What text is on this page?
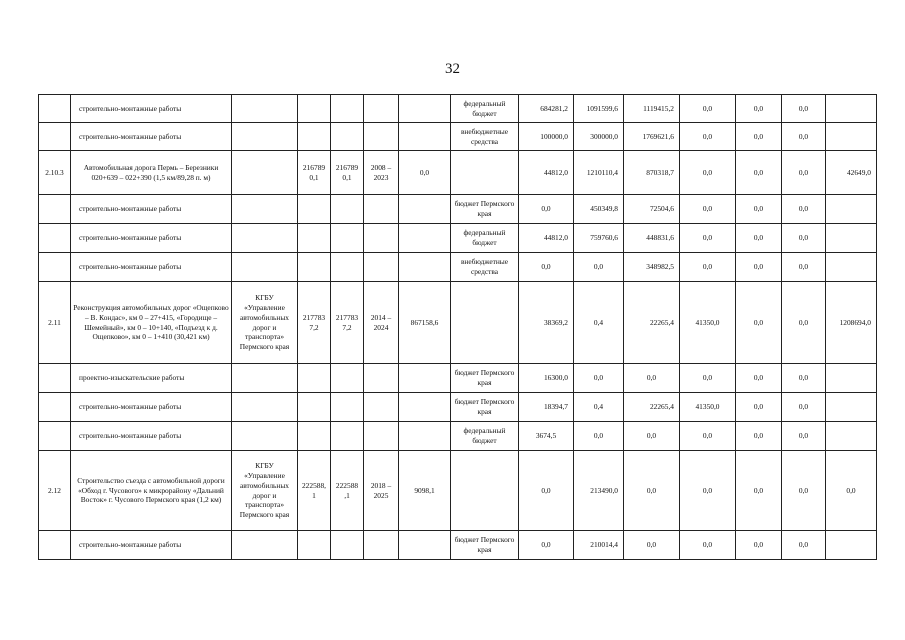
32
	строительно-монтажные работы						федеральный бюджет	684281,2	1091599,6	1119415,2	0,0	0,0	0,0	
	строительно-монтажные работы						внебюджетные средства	100000,0	300000,0	1769621,6	0,0	0,0	0,0	
2.10.3	Автомобильная дорога Пермь – Березники 020+639 – 022+390 (1,5 км/89,28 п. м)		216789 0,1	216789 0,1	2008 – 2023	0,0		44812,0	1210110,4	870318,7	0,0	0,0	0,0	42649,0
	строительно-монтажные работы						бюджет Пермского края	0,0	450349,8	72504,6	0,0	0,0	0,0	
	строительно-монтажные работы						федеральный бюджет	44812,0	759760,6	448831,6	0,0	0,0	0,0	
	строительно-монтажные работы						внебюджетные средства	0,0	0,0	348982,5	0,0	0,0	0,0	
2.11	Реконструкция автомобильных дорог «Ощепково – В. Кондас», км 0 – 27+415, «Городище – Шемейный», км 0 – 10+140, «Подъезд к д. Ощепково», км 0 – 1+410 (30,421 км)	КГБУ «Управление автомобильных дорог и транспорта» Пермского края	217783 7,2	217783 7,2	2014 – 2024	867158,6		38369,2	0,4	22265,4	41350,0	0,0	0,0	1208694,0
	проектно-изыскательские работы						бюджет Пермского края	16300,0	0,0	0,0	0,0	0,0	0,0	
	строительно-монтажные работы						бюджет Пермского края	18394,7	0,4	22265,4	41350,0	0,0	0,0	
	строительно-монтажные работы						федеральный бюджет	3674,5	0,0	0,0	0,0	0,0	0,0	
2.12	Строительство съезда с автомобильной дороги «Обход г. Чусового» к микрорайону «Дальний Восток» г. Чусового Пермского края (1,2 км)	КГБУ «Управление автомобильных дорог и транспорта» Пермского края	222588, 1	222588 ,1	2018 – 2025	9098,1		0,0	213490,0	0,0	0,0	0,0	0,0	0,0
	строительно-монтажные работы						бюджет Пермского края	0,0	210014,4	0,0	0,0	0,0	0,0	
